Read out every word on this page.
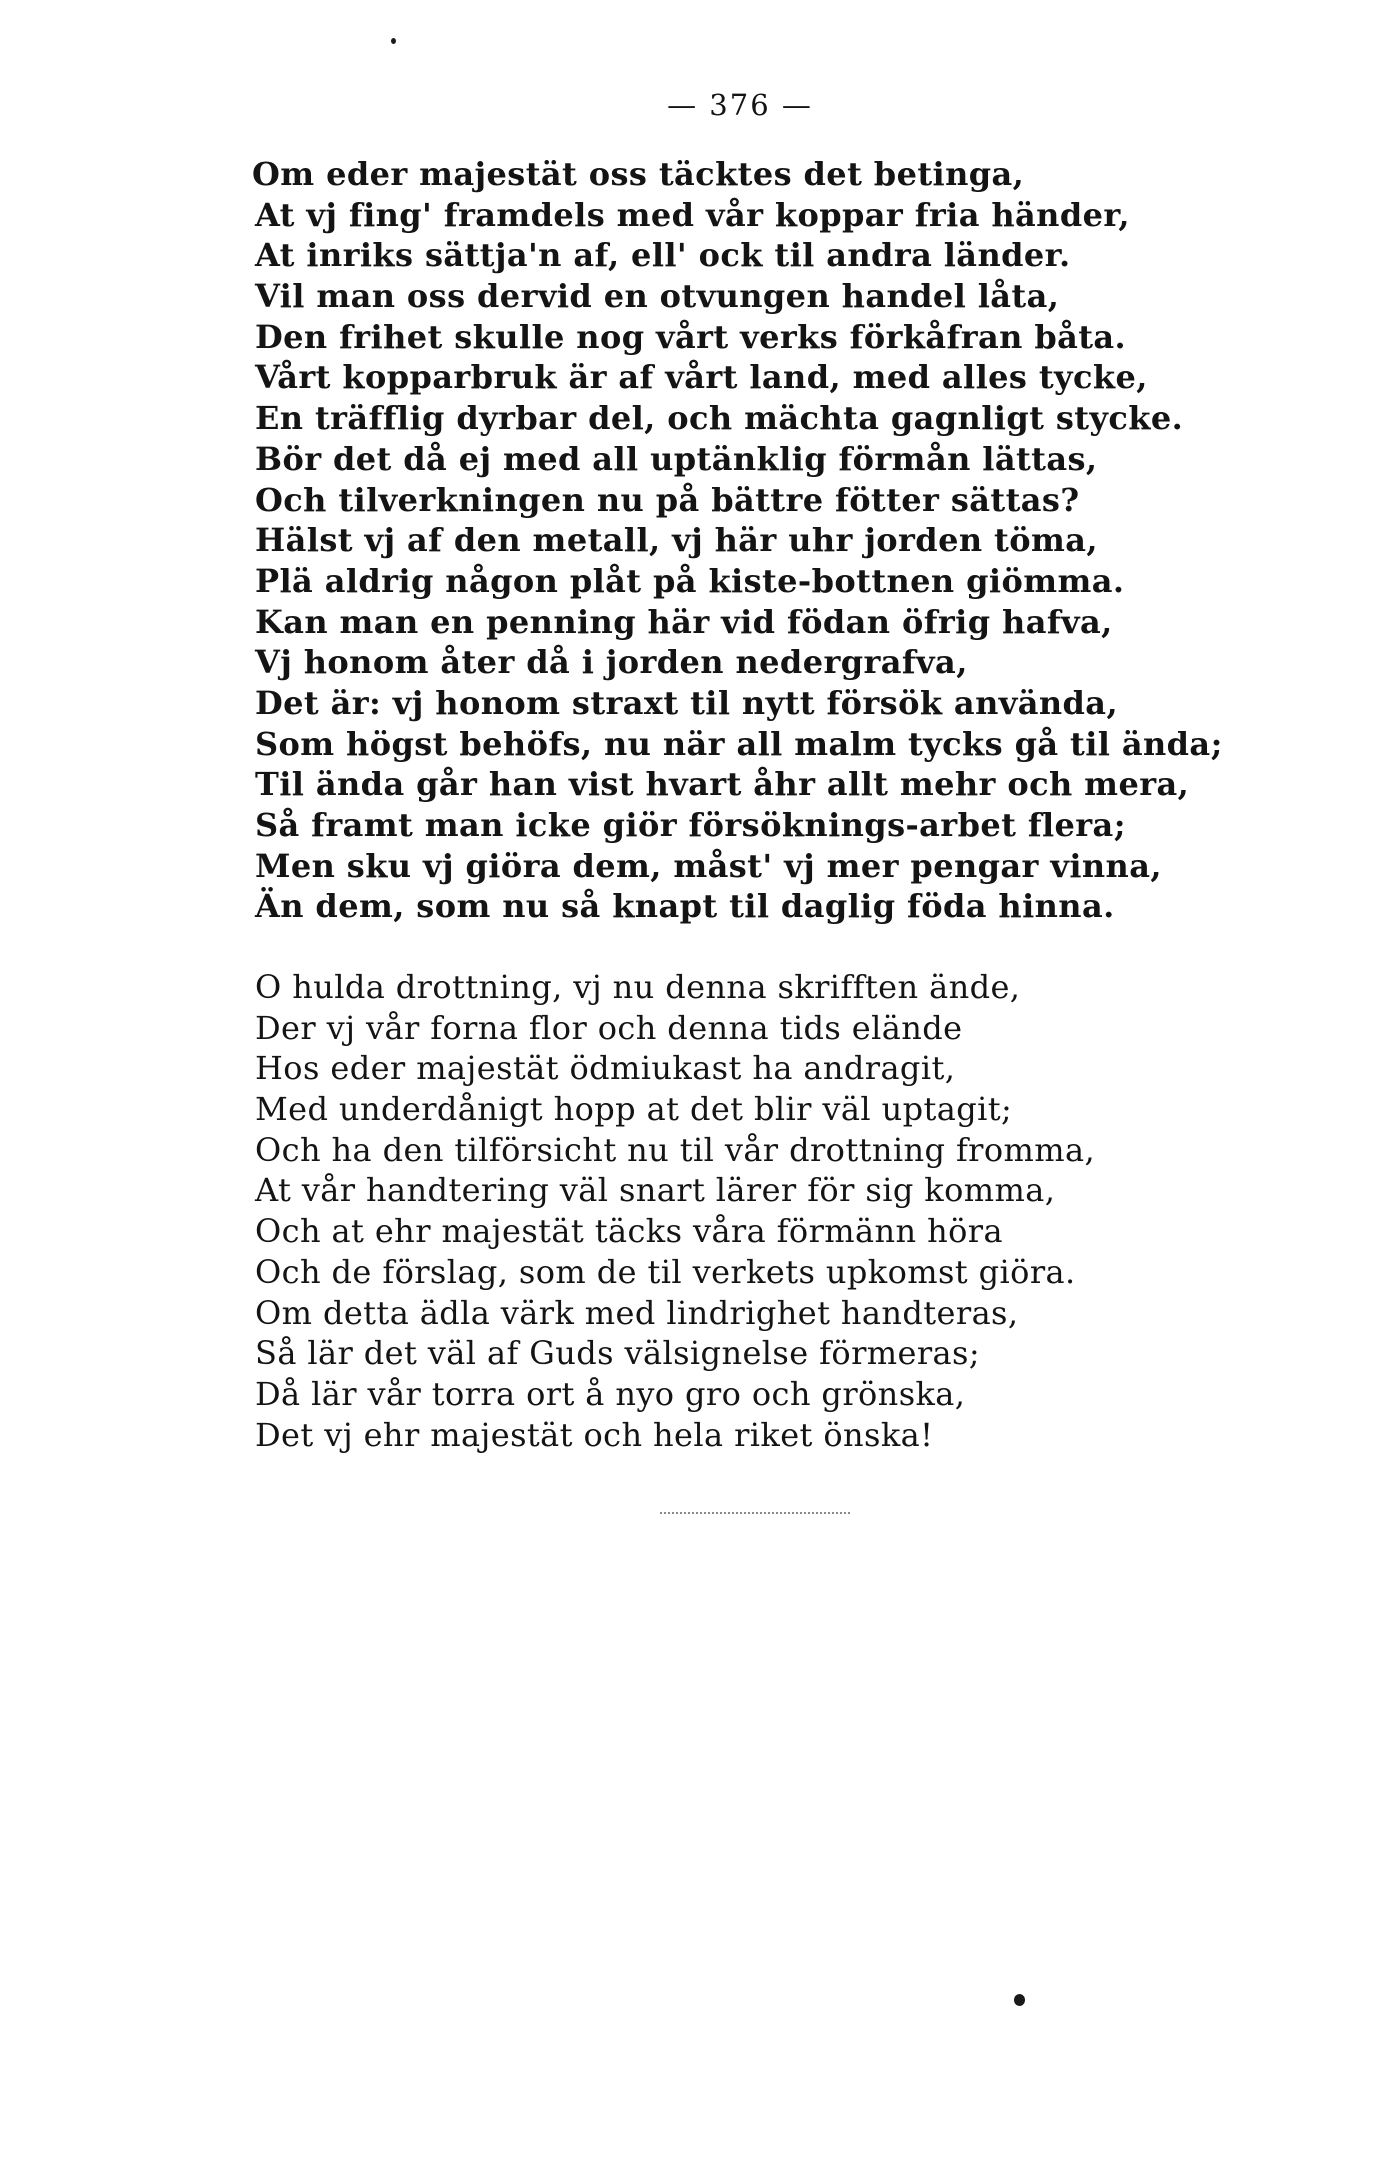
— 376 —
Om eder majestät oss täcktes det betinga,
At vj fing' framdels med vår koppar fria händer,
At inriks sättja'n af, ell' ock til andra länder.
Vil man oss dervid en otvungen handel låta,
Den frihet skulle nog vårt verks förkåfran båta.
Vårt kopparbruk är af vårt land, med alles tycke,
En träfflig dyrbar del, och mächta gagnligt stycke.
Bör det då ej med all uptänklig förmån lättas,
Och tilverkningen nu på bättre fötter sättas?
Hälst vj af den metall, vj här uhr jorden töma,
Plä aldrig någon plåt på kiste-bottnen giömma.
Kan man en penning här vid födan öfrig hafva,
Vj honom åter då i jorden nedergrafva,
Det är: vj honom straxt til nytt försök använda,
Som högst behöfs, nu när all malm tycks gå til ända;
Til ända går han vist hvart åhr allt mehr och mera,
Så framt man icke giör försöknings-arbet flera;
Men sku vj giöra dem, måst' vj mer pengar vinna,
Än dem, som nu så knapt til daglig föda hinna.
O hulda drottning, vj nu denna skrifften ände,
Der vj vår forna flor och denna tids elände
Hos eder majestät ödmiukast ha andragit,
Med underdånigt hopp at det blir väl uptagit;
Och ha den tilförsicht nu til vår drottning fromma,
At vår handtering väl snart lärer för sig komma,
Och at ehr majestät täcks våra förmänn höra
Och de förslag, som de til verkets upkomst giöra.
Om detta ädla värk med lindrighet handteras,
Så lär det väl af Guds välsignelse förmeras;
Då lär vår torra ort å nyo gro och grönska,
Det vj ehr majestät och hela riket önska!
